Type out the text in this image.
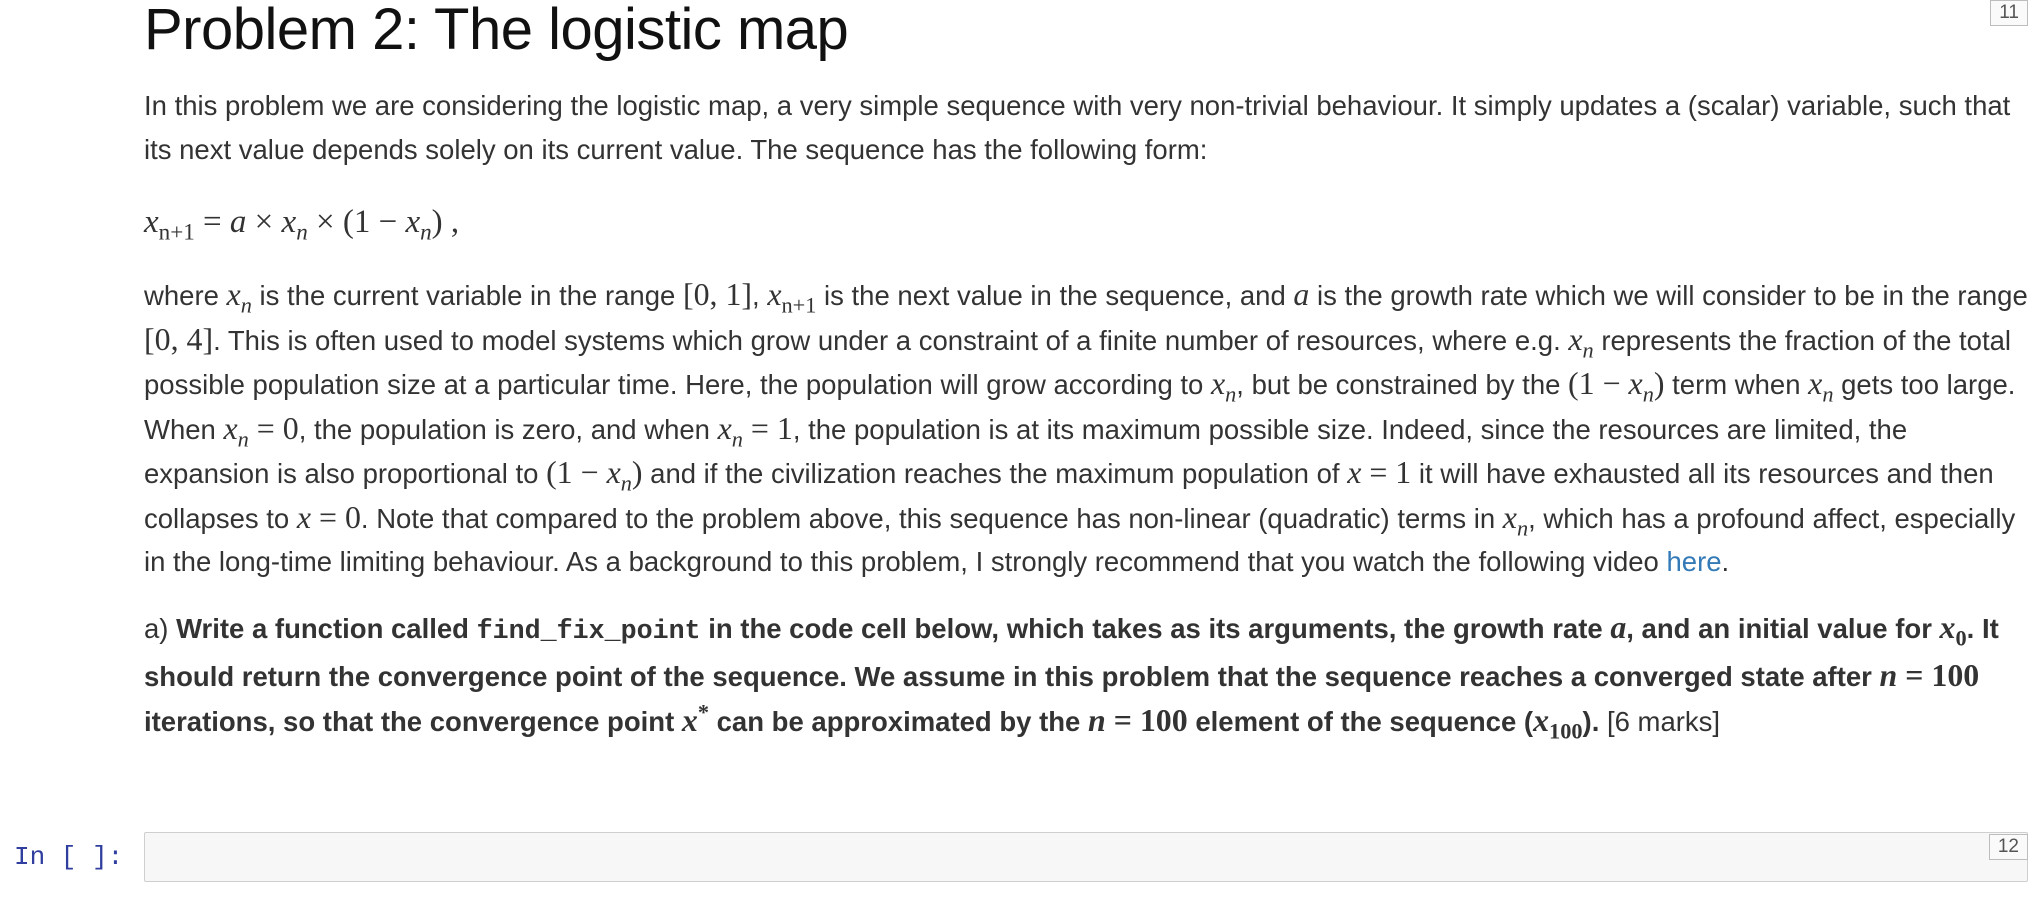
Problem 2: The logistic map

In this problem we are considering the logistic map, a very simple sequence with very non-trivial behaviour. It simply updates a (scalar) variable, such that its next value depends solely on its current value. The sequence has the following form:

$x_{n+1} = a \times x_n \times (1 - x_n)$ ,

where $x_n$ is the current variable in the range [0, 1], $x_{n+1}$ is the next value in the sequence, and a is the growth rate which we will consider to be in the range [0, 4]. This is often used to model systems which grow under a constraint of a finite number of resources, where e.g. $x_n$ represents the fraction of the total possible population size at a particular time. Here, the population will grow according to $x_n$, but be constrained by the $(1 - x_n)$ term when $x_n$ gets too large. When $x_n = 0$, the population is zero, and when $x_n = 1$, the population is at its maximum possible size. Indeed, since the resources are limited, the expansion is also proportional to $(1 - x_n)$ and if the civilization reaches the maximum population of x = 1 it will have exhausted all its resources and then collapses to x = 0. Note that compared to the problem above, this sequence has non-linear (quadratic) terms in $x_n$, which has a profound affect, especially in the long-time limiting behaviour. As a background to this problem, I strongly recommend that you watch the following video here.

a) Write a function called find_fix_point in the code cell below, which takes as its arguments, the growth rate a, and an initial value for $x_0$. It should return the convergence point of the sequence. We assume in this problem that the sequence reaches a converged state after n = 100 iterations, so that the convergence point x* can be approximated by the n = 100 element of the sequence $(x_{100})$. [6 marks]

11
In [ ]:	12
